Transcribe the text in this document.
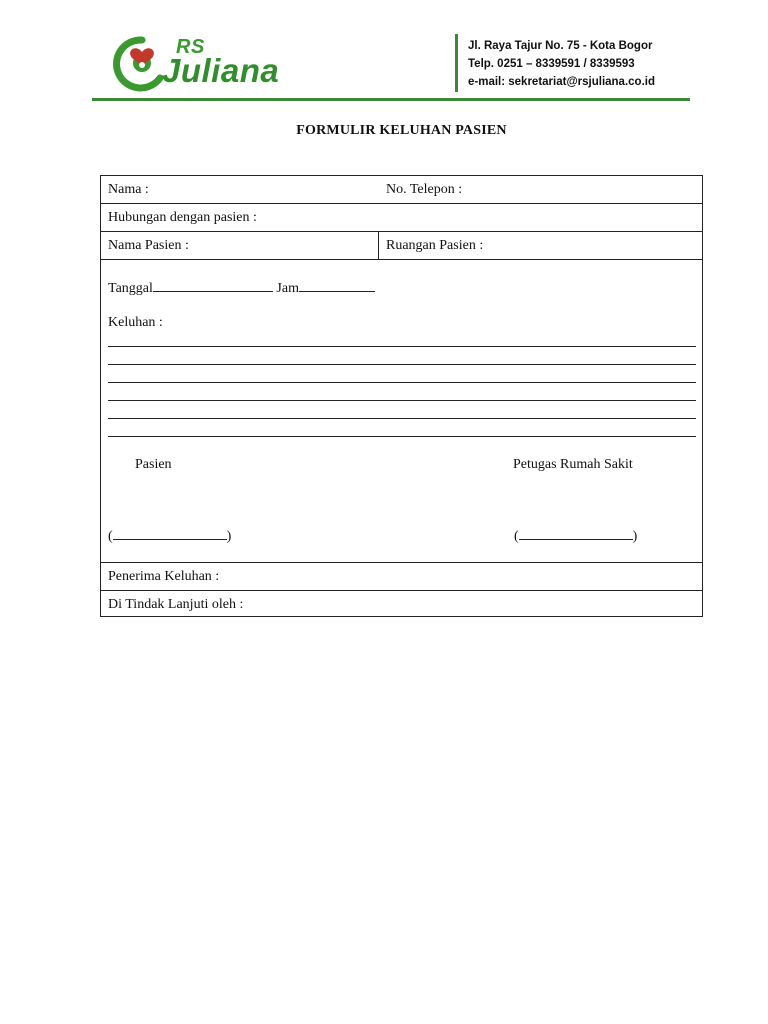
RS
Juliana
Jl. Raya Tajur No. 75 - Kota Bogor
Telp. 0251 – 8339591 / 8339593
e-mail: sekretariat@rsjuliana.co.id
FORMULIR KELUHAN PASIEN
Nama :	No. Telepon :
Hubungan dengan pasien :
Nama Pasien :	Ruangan Pasien :
Tanggal	Jam
Keluhan :
Pasien	Petugas Rumah Sakit
(	)	(	)
Penerima Keluhan :
Di Tindak Lanjuti oleh :
